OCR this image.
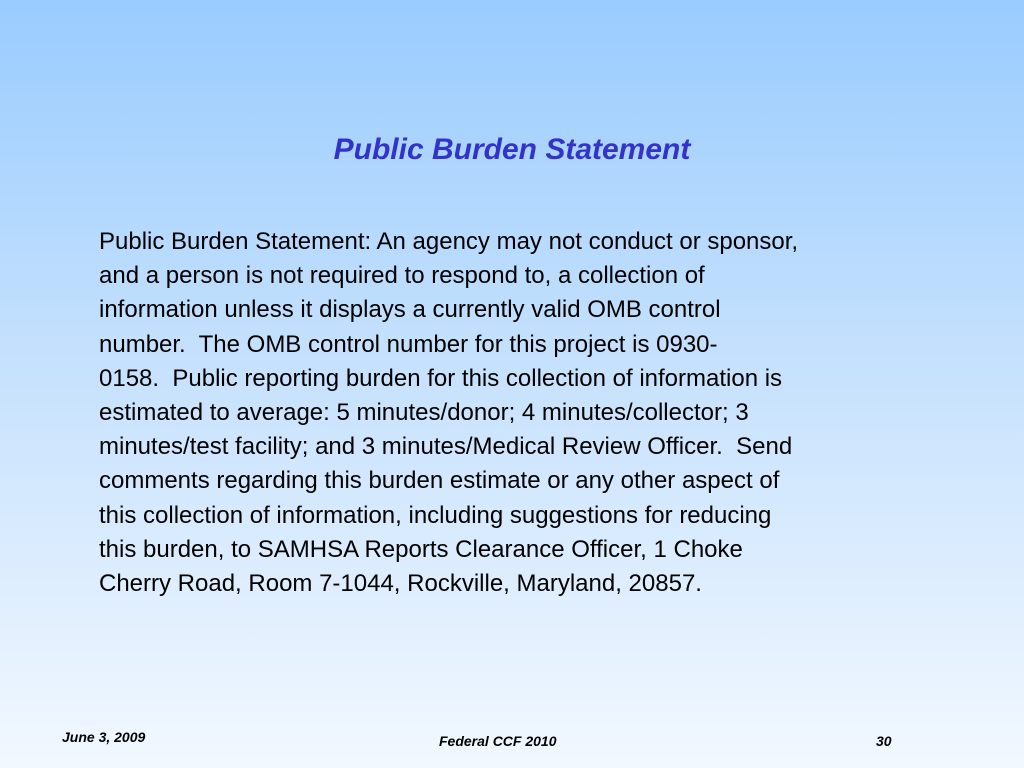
Public Burden Statement
Public Burden Statement: An agency may not conduct or sponsor,
and a person is not required to respond to, a collection of
information unless it displays a currently valid OMB control
number.  The OMB control number for this project is 0930-
0158.  Public reporting burden for this collection of information is
estimated to average: 5 minutes/donor; 4 minutes/collector; 3
minutes/test facility; and 3 minutes/Medical Review Officer.  Send
comments regarding this burden estimate or any other aspect of
this collection of information, including suggestions for reducing
this burden, to SAMHSA Reports Clearance Officer, 1 Choke
Cherry Road, Room 7-1044, Rockville, Maryland, 20857.
June 3, 2009	Federal CCF 2010	30
